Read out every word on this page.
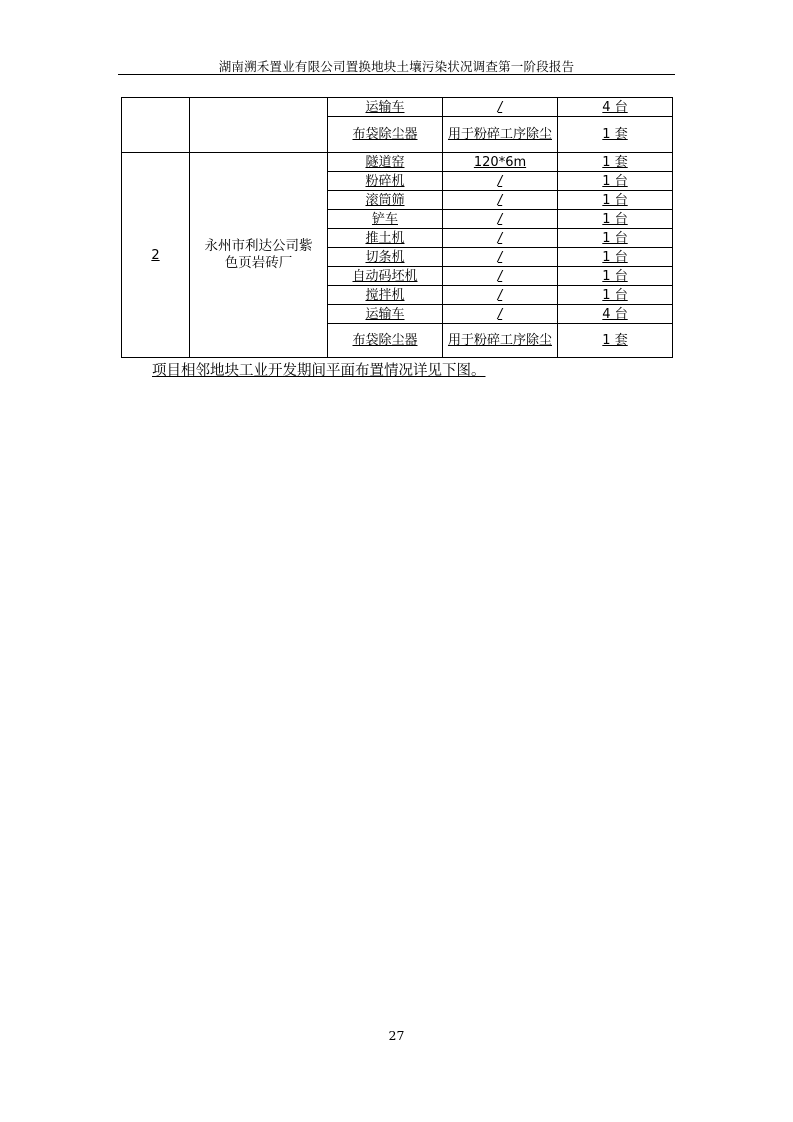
湖南溯禾置业有限公司置换地块土壤污染状况调查第一阶段报告
		运输车	/	4 台
		布袋除尘器	用于粉碎工序除尘	1 套
2	永州市利达公司紫色页岩砖厂	隧道窑	120*6m	1 套
		粉碎机	/	1 台
		滚筒筛	/	1 台
		铲车	/	1 台
		推土机	/	1 台
		切条机	/	1 台
		自动码坯机	/	1 台
		搅拌机	/	1 台
		运输车	/	4 台
		布袋除尘器	用于粉碎工序除尘	1 套
项目相邻地块工业开发期间平面布置情况详见下图。
27
